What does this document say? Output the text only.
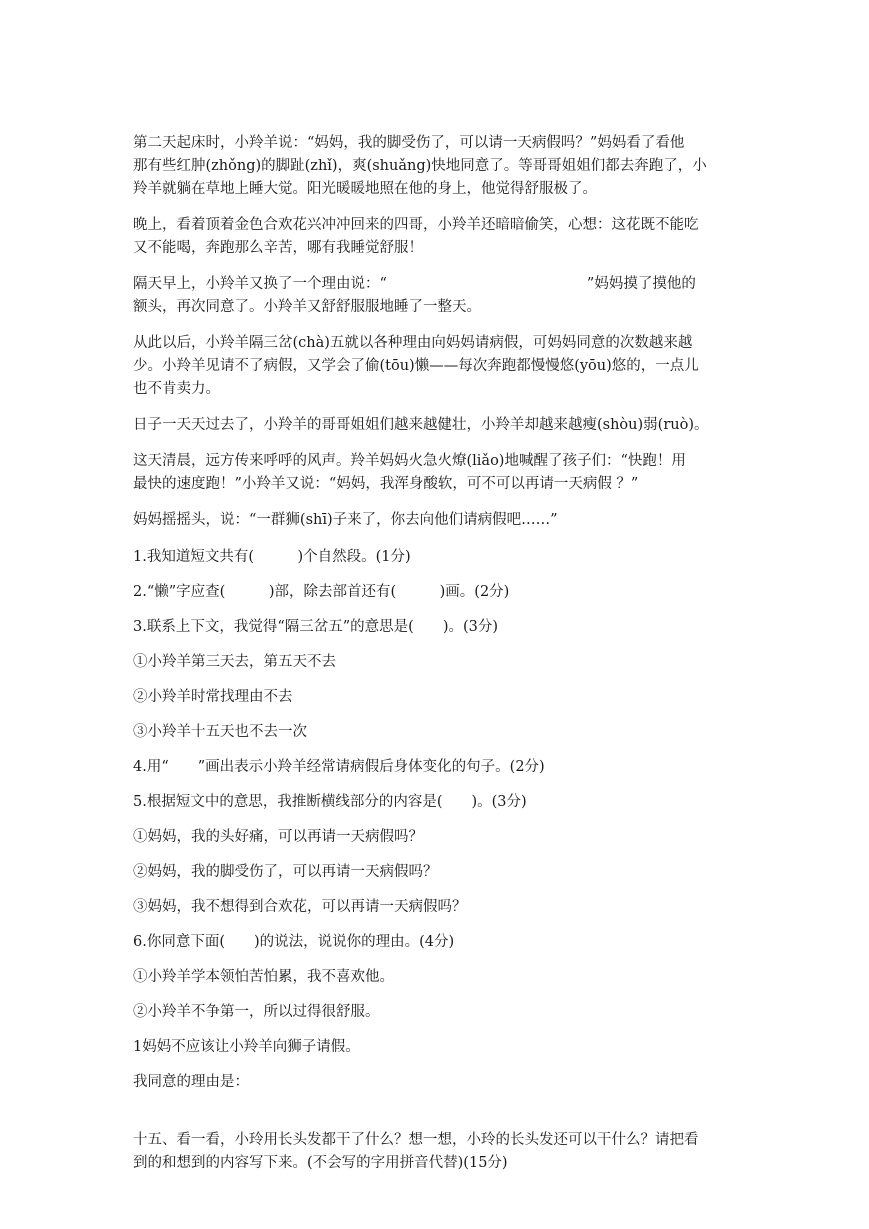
第二天起床时，小羚羊说：“妈妈，我的脚受伤了，可以请一天病假吗？”妈妈看了看他
那有些红肿(zhǒng)的脚趾(zhǐ)，爽(shuǎng)快地同意了。等哥哥姐姐们都去奔跑了，小
羚羊就躺在草地上睡大觉。阳光暖暖地照在他的身上，他觉得舒服极了。
晚上，看着顶着金色合欢花兴冲冲回来的四哥，小羚羊还暗暗偷笑，心想：这花既不能吃
又不能喝，奔跑那么辛苦，哪有我睡觉舒服！
隔天早上，小羚羊又换了一个理由说：“	”妈妈摸了摸他的
额头，再次同意了。小羚羊又舒舒服服地睡了一整天。
从此以后，小羚羊隔三岔(chà)五就以各种理由向妈妈请病假，可妈妈同意的次数越来越
少。小羚羊见请不了病假，又学会了偷(tōu)懒——每次奔跑都慢慢悠(yōu)悠的，一点儿
也不肯卖力。
日子一天天过去了，小羚羊的哥哥姐姐们越来越健壮，小羚羊却越来越瘦(shòu)弱(ruò)。
这天清晨，远方传来呼呼的风声。羚羊妈妈火急火燎(liǎo)地喊醒了孩子们：“快跑！用
最快的速度跑！”小羚羊又说：“妈妈，我浑身酸软，可不可以再请一天病假 ？”
妈妈摇摇头，说：“一群狮(shī)子来了，你去向他们请病假吧……”
1.我知道短文共有(　　　)个自然段。(1分)
2.“懒”字应查(　　　)部，除去部首还有(　　　)画。(2分)
3.联系上下文，我觉得“隔三岔五”的意思是(　　)。(3分)
①小羚羊第三天去，第五天不去
②小羚羊时常找理由不去
③小羚羊十五天也不去一次
4.用“　　”画出表示小羚羊经常请病假后身体变化的句子。(2分)
5.根据短文中的意思，我推断横线部分的内容是(　　)。(3分)
①妈妈，我的头好痛，可以再请一天病假吗？
②妈妈，我的脚受伤了，可以再请一天病假吗？
③妈妈，我不想得到合欢花，可以再请一天病假吗？
6.你同意下面(　　)的说法，说说你的理由。(4分)
①小羚羊学本领怕苦怕累，我不喜欢他。
②小羚羊不争第一，所以过得很舒服。
1妈妈不应该让小羚羊向狮子请假。
我同意的理由是：
十五、看一看，小玲用长头发都干了什么？想一想，小玲的长头发还可以干什么？请把看
到的和想到的内容写下来。(不会写的字用拼音代替)(15分)
